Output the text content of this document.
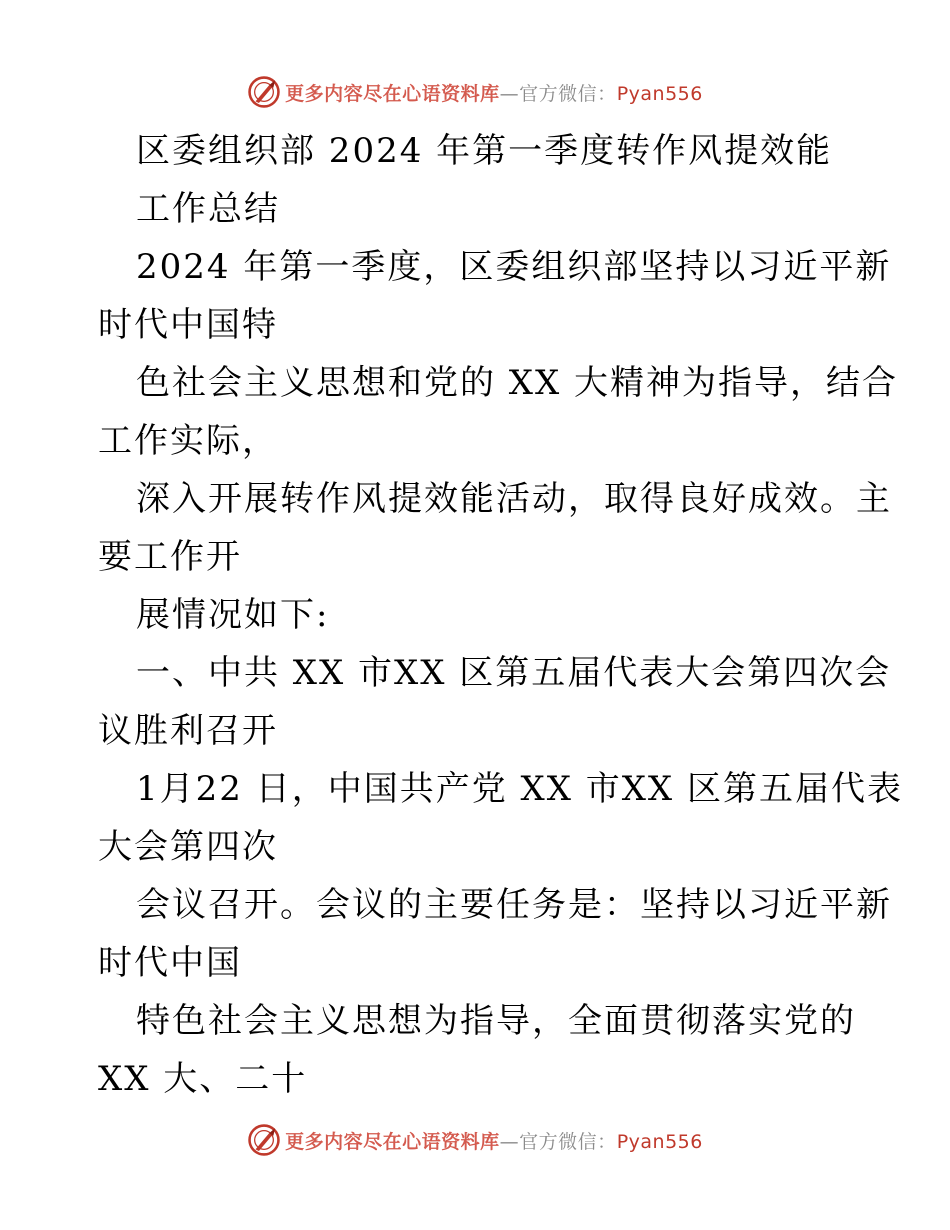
更多内容尽在心语资料库—官方微信：Pyan556
区委组织部 2024 年第一季度转作风提效能
工作总结
2024 年第一季度，区委组织部坚持以习近平新
时代中国特
色社会主义思想和党的 XX 大精神为指导，结合
工作实际，
深入开展转作风提效能活动，取得良好成效。主
要工作开
展情况如下:
一、中共 XX 市XX 区第五届代表大会第四次会
议胜利召开
1月22 日，中国共产党 XX 市XX 区第五届代表
大会第四次
会议召开。会议的主要任务是：坚持以习近平新
时代中国
特色社会主义思想为指导，全面贯彻落实党的
XX 大、二十
更多内容尽在心语资料库—官方微信：Pyan556
